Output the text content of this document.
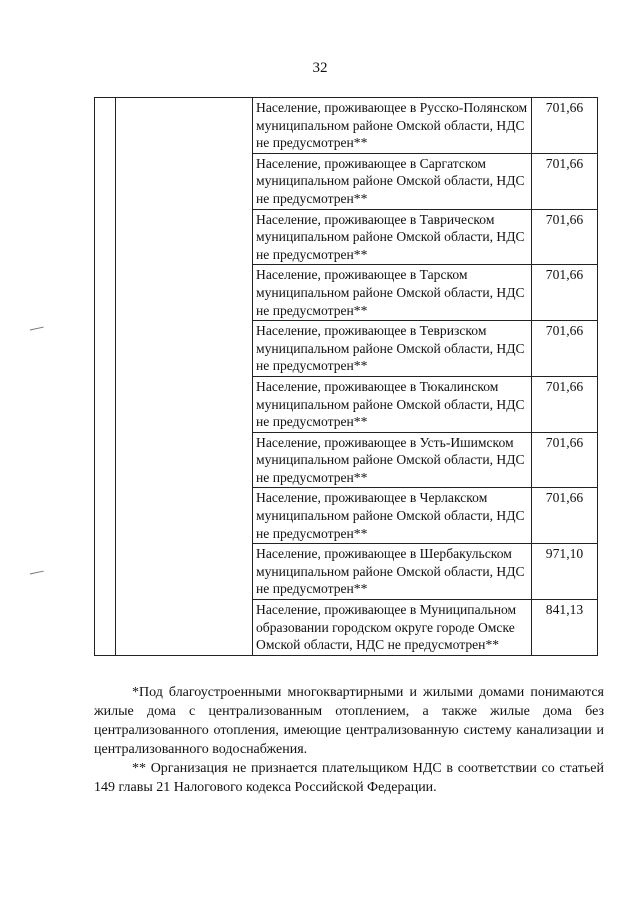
32
		Население, проживающее в Русско-Полянском муниципальном районе Омской области, НДС не предусмотрен**	701,66
		Население, проживающее в Саргатском муниципальном районе Омской области, НДС не предусмотрен**	701,66
		Население, проживающее в Таврическом муниципальном районе Омской области, НДС не предусмотрен**	701,66
		Население, проживающее в Тарском муниципальном районе Омской области, НДС не предусмотрен**	701,66
		Население, проживающее в Тевризском муниципальном районе Омской области, НДС не предусмотрен**	701,66
		Население, проживающее в Тюкалинском муниципальном районе Омской области, НДС не предусмотрен**	701,66
		Население, проживающее в Усть-Ишимском муниципальном районе Омской области, НДС не предусмотрен**	701,66
		Население, проживающее в Черлакском муниципальном районе Омской области, НДС не предусмотрен**	701,66
		Население, проживающее в Шербакульском муниципальном районе Омской области, НДС не предусмотрен**	971,10
		Население, проживающее в Муниципальном образовании городском округе городе Омске Омской области, НДС не предусмотрен**	841,13

*Под благоустроенными многоквартирными и жилыми домами понимаются жилые дома с централизованным отоплением, а также жилые дома без централизованного отопления, имеющие централизованную систему канализации и централизованного водоснабжения.

** Организация не признается плательщиком НДС в соответствии со статьей 149 главы 21 Налогового кодекса Российской Федерации.
